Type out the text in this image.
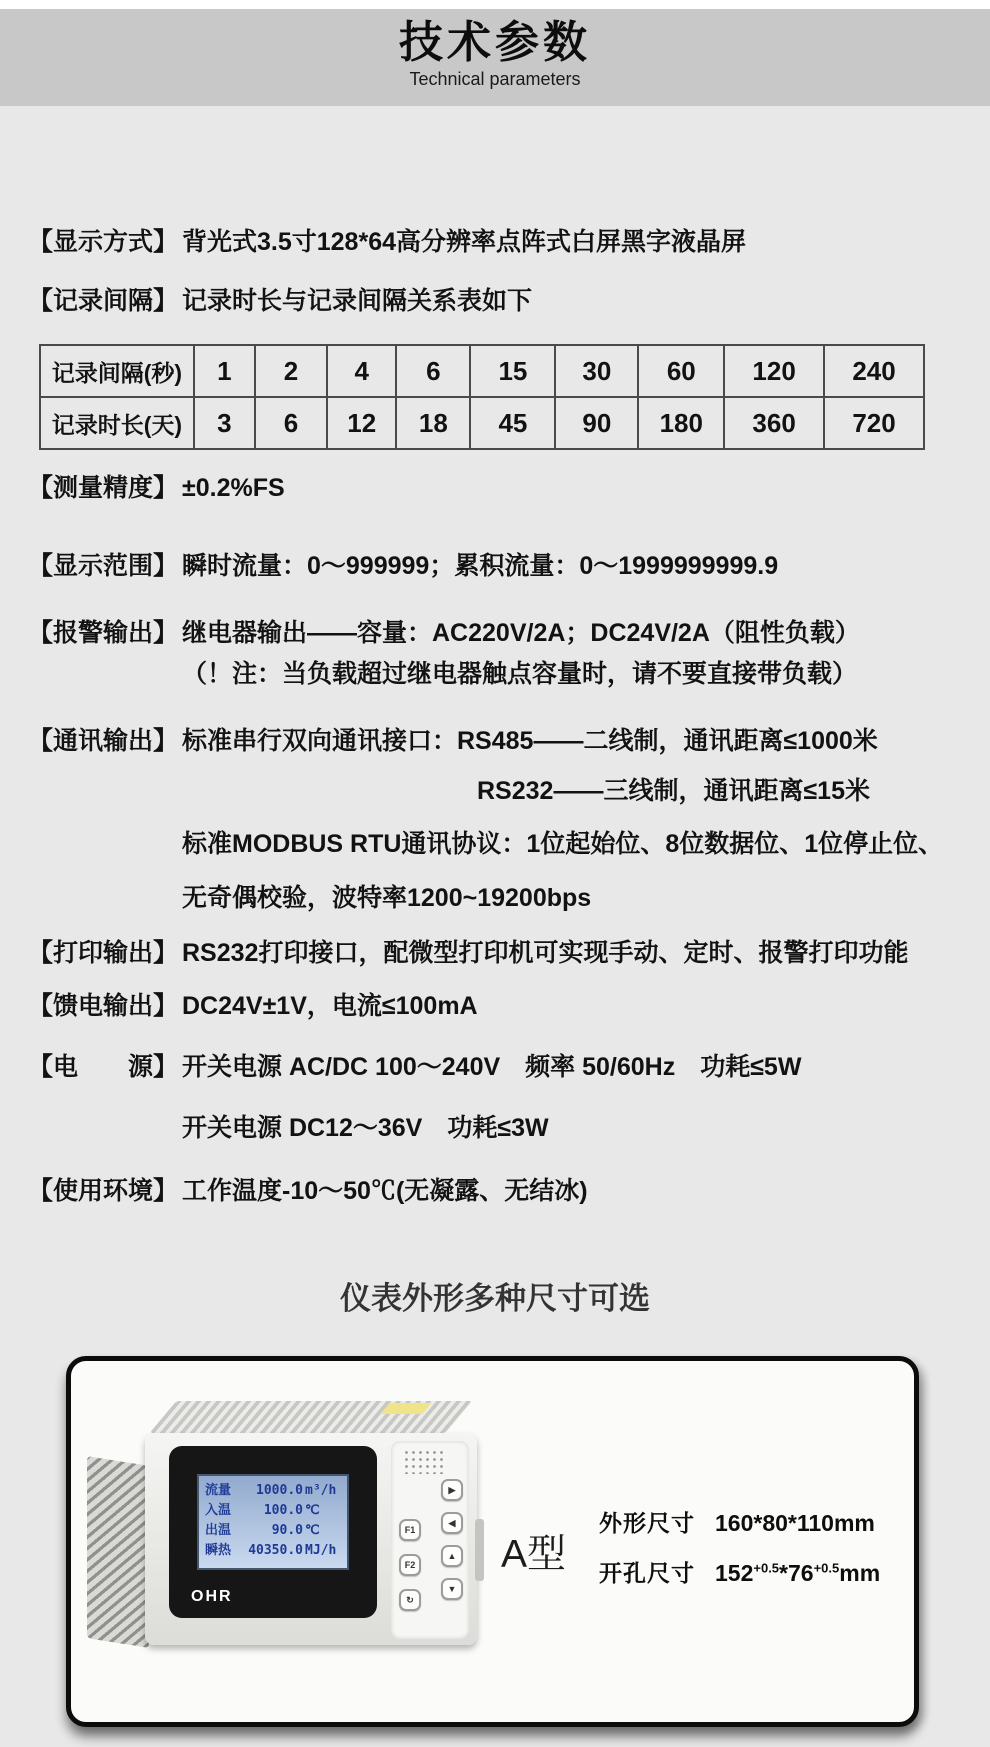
技术参数
Technical parameters
【显示方式】 背光式3.5寸128*64高分辨率点阵式白屏黑字液晶屏
【记录间隔】 记录时长与记录间隔关系表如下
记录间隔(秒)	1	2	4	6	15	30	60	120	240
记录时长(天)	3	6	12	18	45	90	180	360	720
【测量精度】 ±0.2%FS
【显示范围】 瞬时流量：0～999999；累积流量：0～1999999999.9
【报警输出】 继电器输出——容量：AC220V/2A；DC24V/2A（阻性负载）
（！注：当负载超过继电器触点容量时，请不要直接带负载）
【通讯输出】 标准串行双向通讯接口：RS485——二线制，通讯距离≤1000米
RS232——三线制，通讯距离≤15米
标准MODBUS RTU通讯协议：1位起始位、8位数据位、1位停止位、
无奇偶校验，波特率1200~19200bps
【打印输出】 RS232打印接口，配微型打印机可实现手动、定时、报警打印功能
【馈电输出】 DC24V±1V，电流≤100mA
【电　　源】 开关电源 AC/DC 100～240V　频率 50/60Hz　功耗≤5W
开关电源 DC12～36V　功耗≤3W
【使用环境】 工作温度-10～50℃(无凝露、无结冰)
仪表外形多种尺寸可选
流量	1000.0 m³/h
入温	100.0 ℃
出温	90.0 ℃
瞬热	40350.0 MJ/h
OHR
F1
F2
↻
▶
◀
▲
▼
A型
外形尺寸 160*80*110mm
开孔尺寸 $152^{+0.5}*76^{+0.5}mm$
